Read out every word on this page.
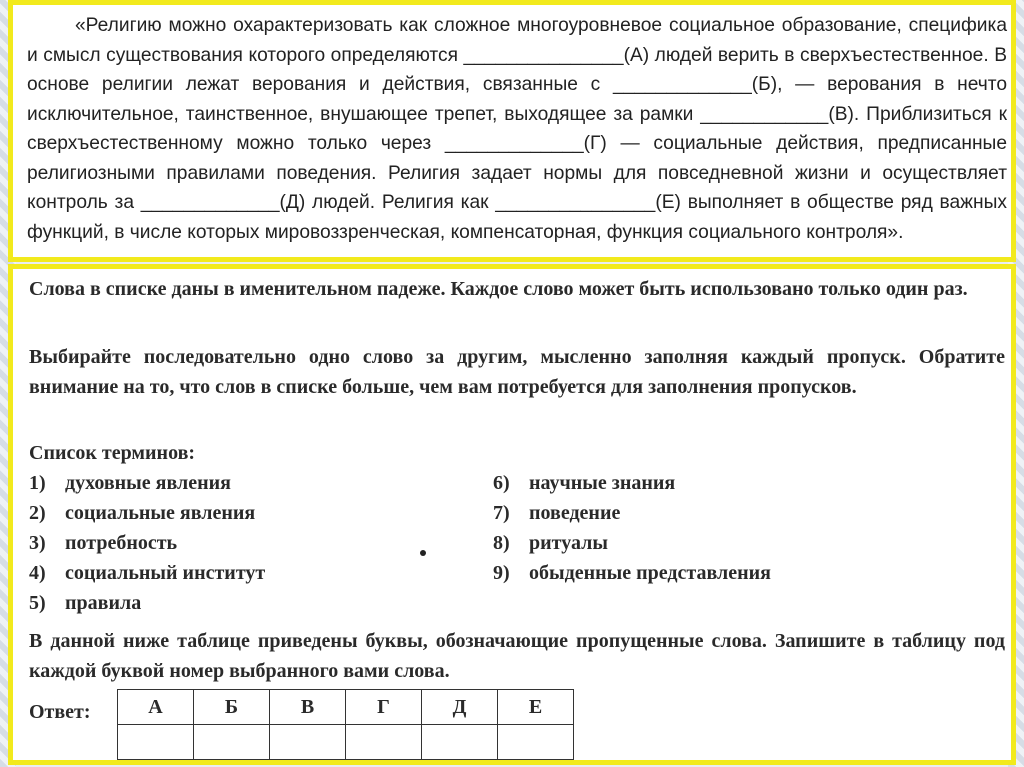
«Религию можно охарактеризовать как сложное многоуровневое социальное образование, специфика и смысл существования которого определяются _______________(А) людей верить в сверхъестественное. В основе религии лежат верования и действия, связанные с _____________(Б), — верования в нечто исключительное, таинственное, внушающее трепет, выходящее за рамки ____________(В). Приблизиться к сверхъестественному можно только через _____________(Г) — социальные действия, предписанные религиозными правилами поведения. Религия задает нормы для повседневной жизни и осуществляет контроль за _____________(Д) людей. Религия как _______________(Е) выполняет в обществе ряд важных функций, в числе которых мировоззренческая, компенсаторная, функция социального контроля».
Слова в списке даны в именительном падеже. Каждое слово может быть использовано только один раз.
Выбирайте последовательно одно слово за другим, мысленно заполняя каждый пропуск. Обратите внимание на то, что слов в списке больше, чем вам потребуется для заполнения пропусков.
Список терминов:
1) духовные явления
2) социальные явления
3) потребность
4) социальный институт
5) правила
6) научные знания
7) поведение
8) ритуалы
9) обыденные представления
В данной ниже таблице приведены буквы, обозначающие пропущенные слова. Запишите в таблицу под каждой буквой номер выбранного вами слова.
Ответ:	А	Б	В	Г	Д	Е
